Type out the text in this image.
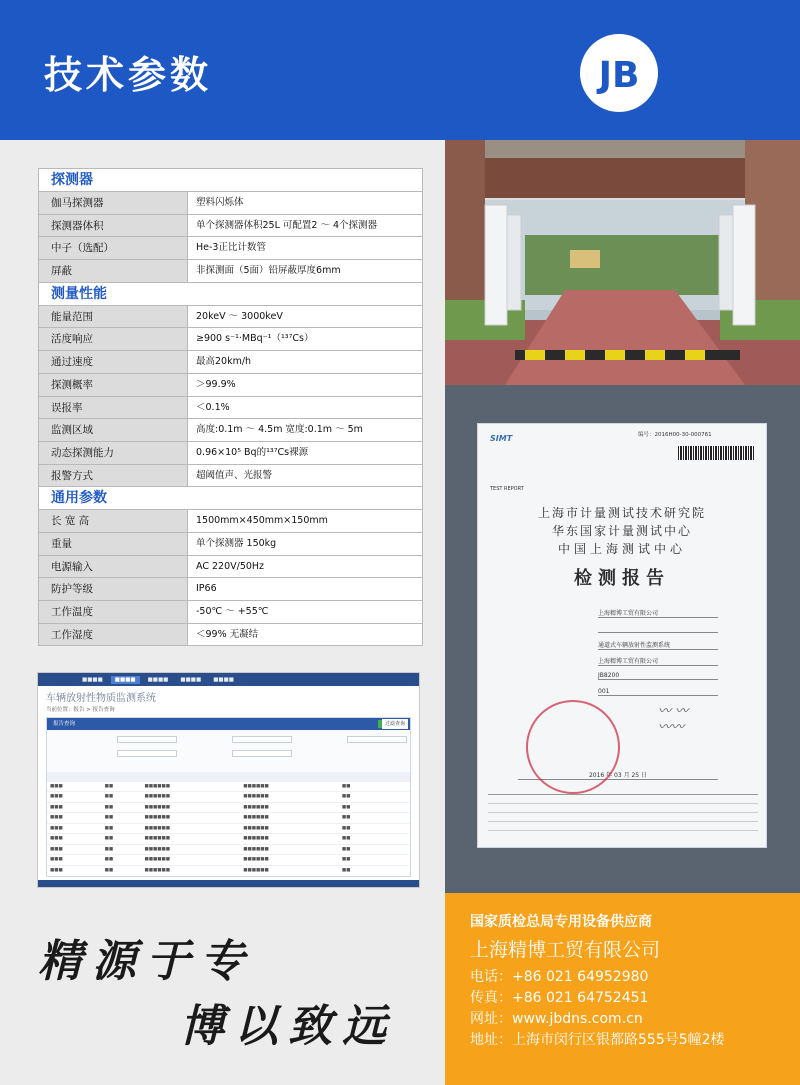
技术参数	JB
探测器
伽马探测器	塑料闪烁体
探测器体积	单个探测器体积25L 可配置2 ～ 4个探测器
中子（选配）	He-3正比计数管
屏蔽	非探测面（5面）铅屏蔽厚度6mm
测量性能
能量范围	20keV ～ 3000keV
活度响应	≥900 s⁻¹·MBq⁻¹（¹³⁷Cs）
通过速度	最高20km/h
探测概率	＞99.9%
误报率	＜0.1%
监测区域	高度:0.1m ～ 4.5m 宽度:0.1m ～ 5m
动态探测能力	0.96×10⁵ Bq的¹³⁷Cs裸源
报警方式	超阈值声、光报警
通用参数
长 宽 高	1500mm×450mm×150mm
重量	单个探测器 150kg
电源输入	AC 220V/50Hz
防护等级	IP66
工作温度	-50℃ ～ +55℃
工作湿度	＜99% 无凝结
■■■■	■■■■	■■■■	■■■■	■■■■
车辆放射性物质监测系统
当前位置：报告 > 报告查询
报告查询	过滤查询

■■■	■■	■■■■■■	■■■■■■	■■	
■■■	■■	■■■■■■	■■■■■■	■■	
■■■	■■	■■■■■■	■■■■■■	■■	
■■■	■■	■■■■■■	■■■■■■	■■	
■■■	■■	■■■■■■	■■■■■■	■■	
■■■	■■	■■■■■■	■■■■■■	■■	
■■■	■■	■■■■■■	■■■■■■	■■	
■■■	■■	■■■■■■	■■■■■■	■■	
■■■	■■	■■■■■■	■■■■■■	■■	
精源于专
博以致远
SIMT	编号：2016H00-30-000761
TEST REPORT
上海市计量测试技术研究院
华东国家计量测试中心
中国上海测试中心
检测报告
上海精博工贸有限公司
通道式车辆放射性监测系统
上海精博工贸有限公司
JB8200
001
〰 〰
〰〰
2016 年 03 月 25 日
国家质检总局专用设备供应商
上海精博工贸有限公司
电话：+86 021 64952980
传真：+86 021 64752451
网址：www.jbdns.com.cn
地址：上海市闵行区银都路555号5幢2楼
